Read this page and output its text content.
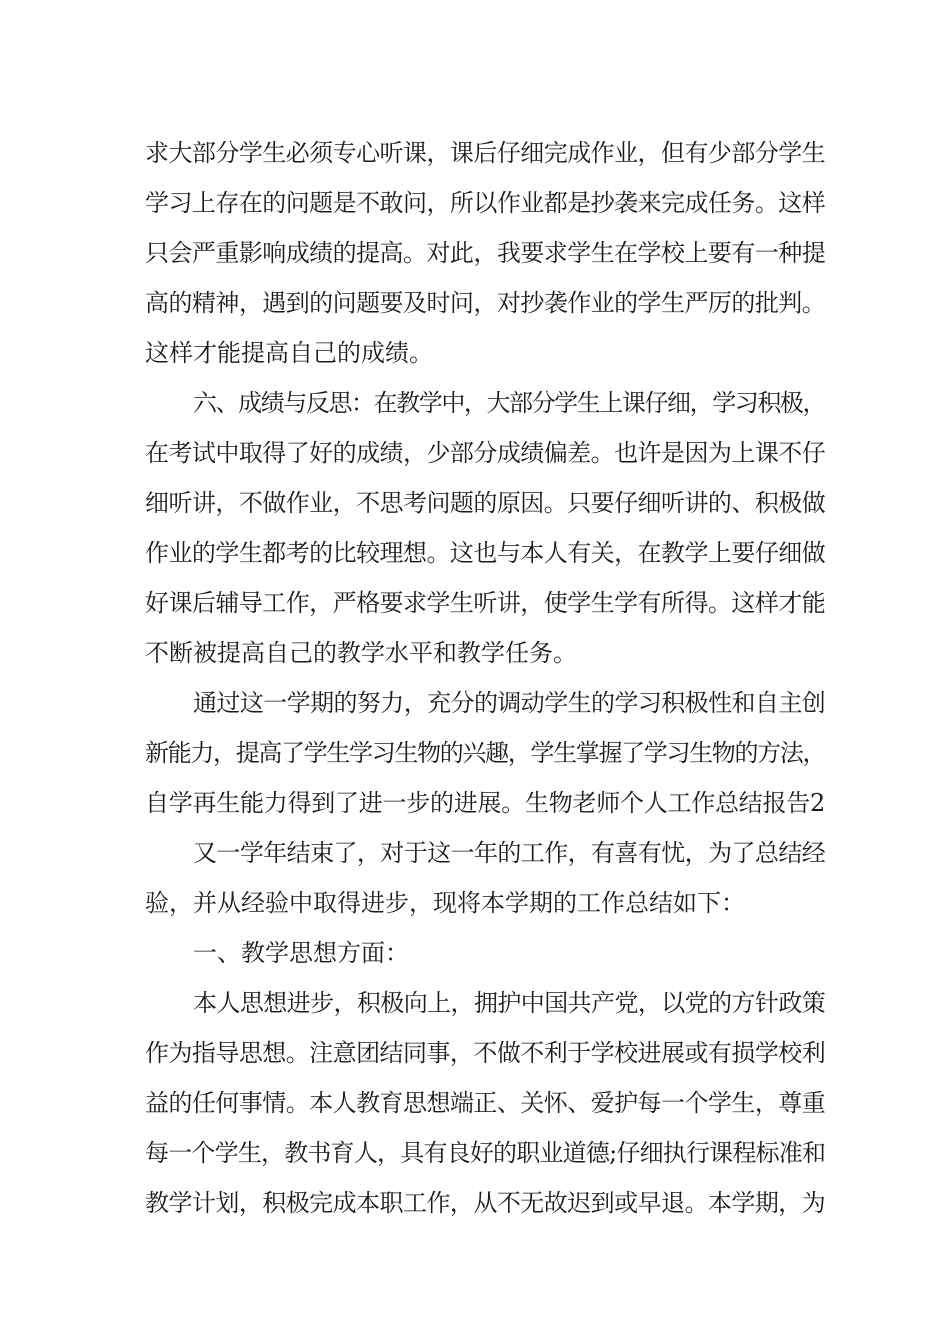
求大部分学生必须专心听课，课后仔细完成作业，但有少部分学生

学习上存在的问题是不敢问，所以作业都是抄袭来完成任务。这样

只会严重影响成绩的提高。对此，我要求学生在学校上要有一种提

高的精神，遇到的问题要及时问，对抄袭作业的学生严厉的批判。

这样才能提高自己的成绩。

六、成绩与反思：在教学中，大部分学生上课仔细，学习积极，

在考试中取得了好的成绩，少部分成绩偏差。也许是因为上课不仔

细听讲，不做作业，不思考问题的原因。只要仔细听讲的、积极做

作业的学生都考的比较理想。这也与本人有关，在教学上要仔细做

好课后辅导工作，严格要求学生听讲，使学生学有所得。这样才能

不断被提高自己的教学水平和教学任务。

通过这一学期的努力，充分的调动学生的学习积极性和自主创

新能力，提高了学生学习生物的兴趣，学生掌握了学习生物的方法，

自学再生能力得到了进一步的进展。生物老师个人工作总结报告2

又一学年结束了，对于这一年的工作，有喜有忧，为了总结经

验，并从经验中取得进步，现将本学期的工作总结如下：

一、教学思想方面：

本人思想进步，积极向上，拥护中国共产党，以党的方针政策

作为指导思想。注意团结同事，不做不利于学校进展或有损学校利

益的任何事情。本人教育思想端正、关怀、爱护每一个学生，尊重

每一个学生，教书育人，具有良好的职业道德;仔细执行课程标准和

教学计划，积极完成本职工作，从不无故迟到或早退。本学期，为
